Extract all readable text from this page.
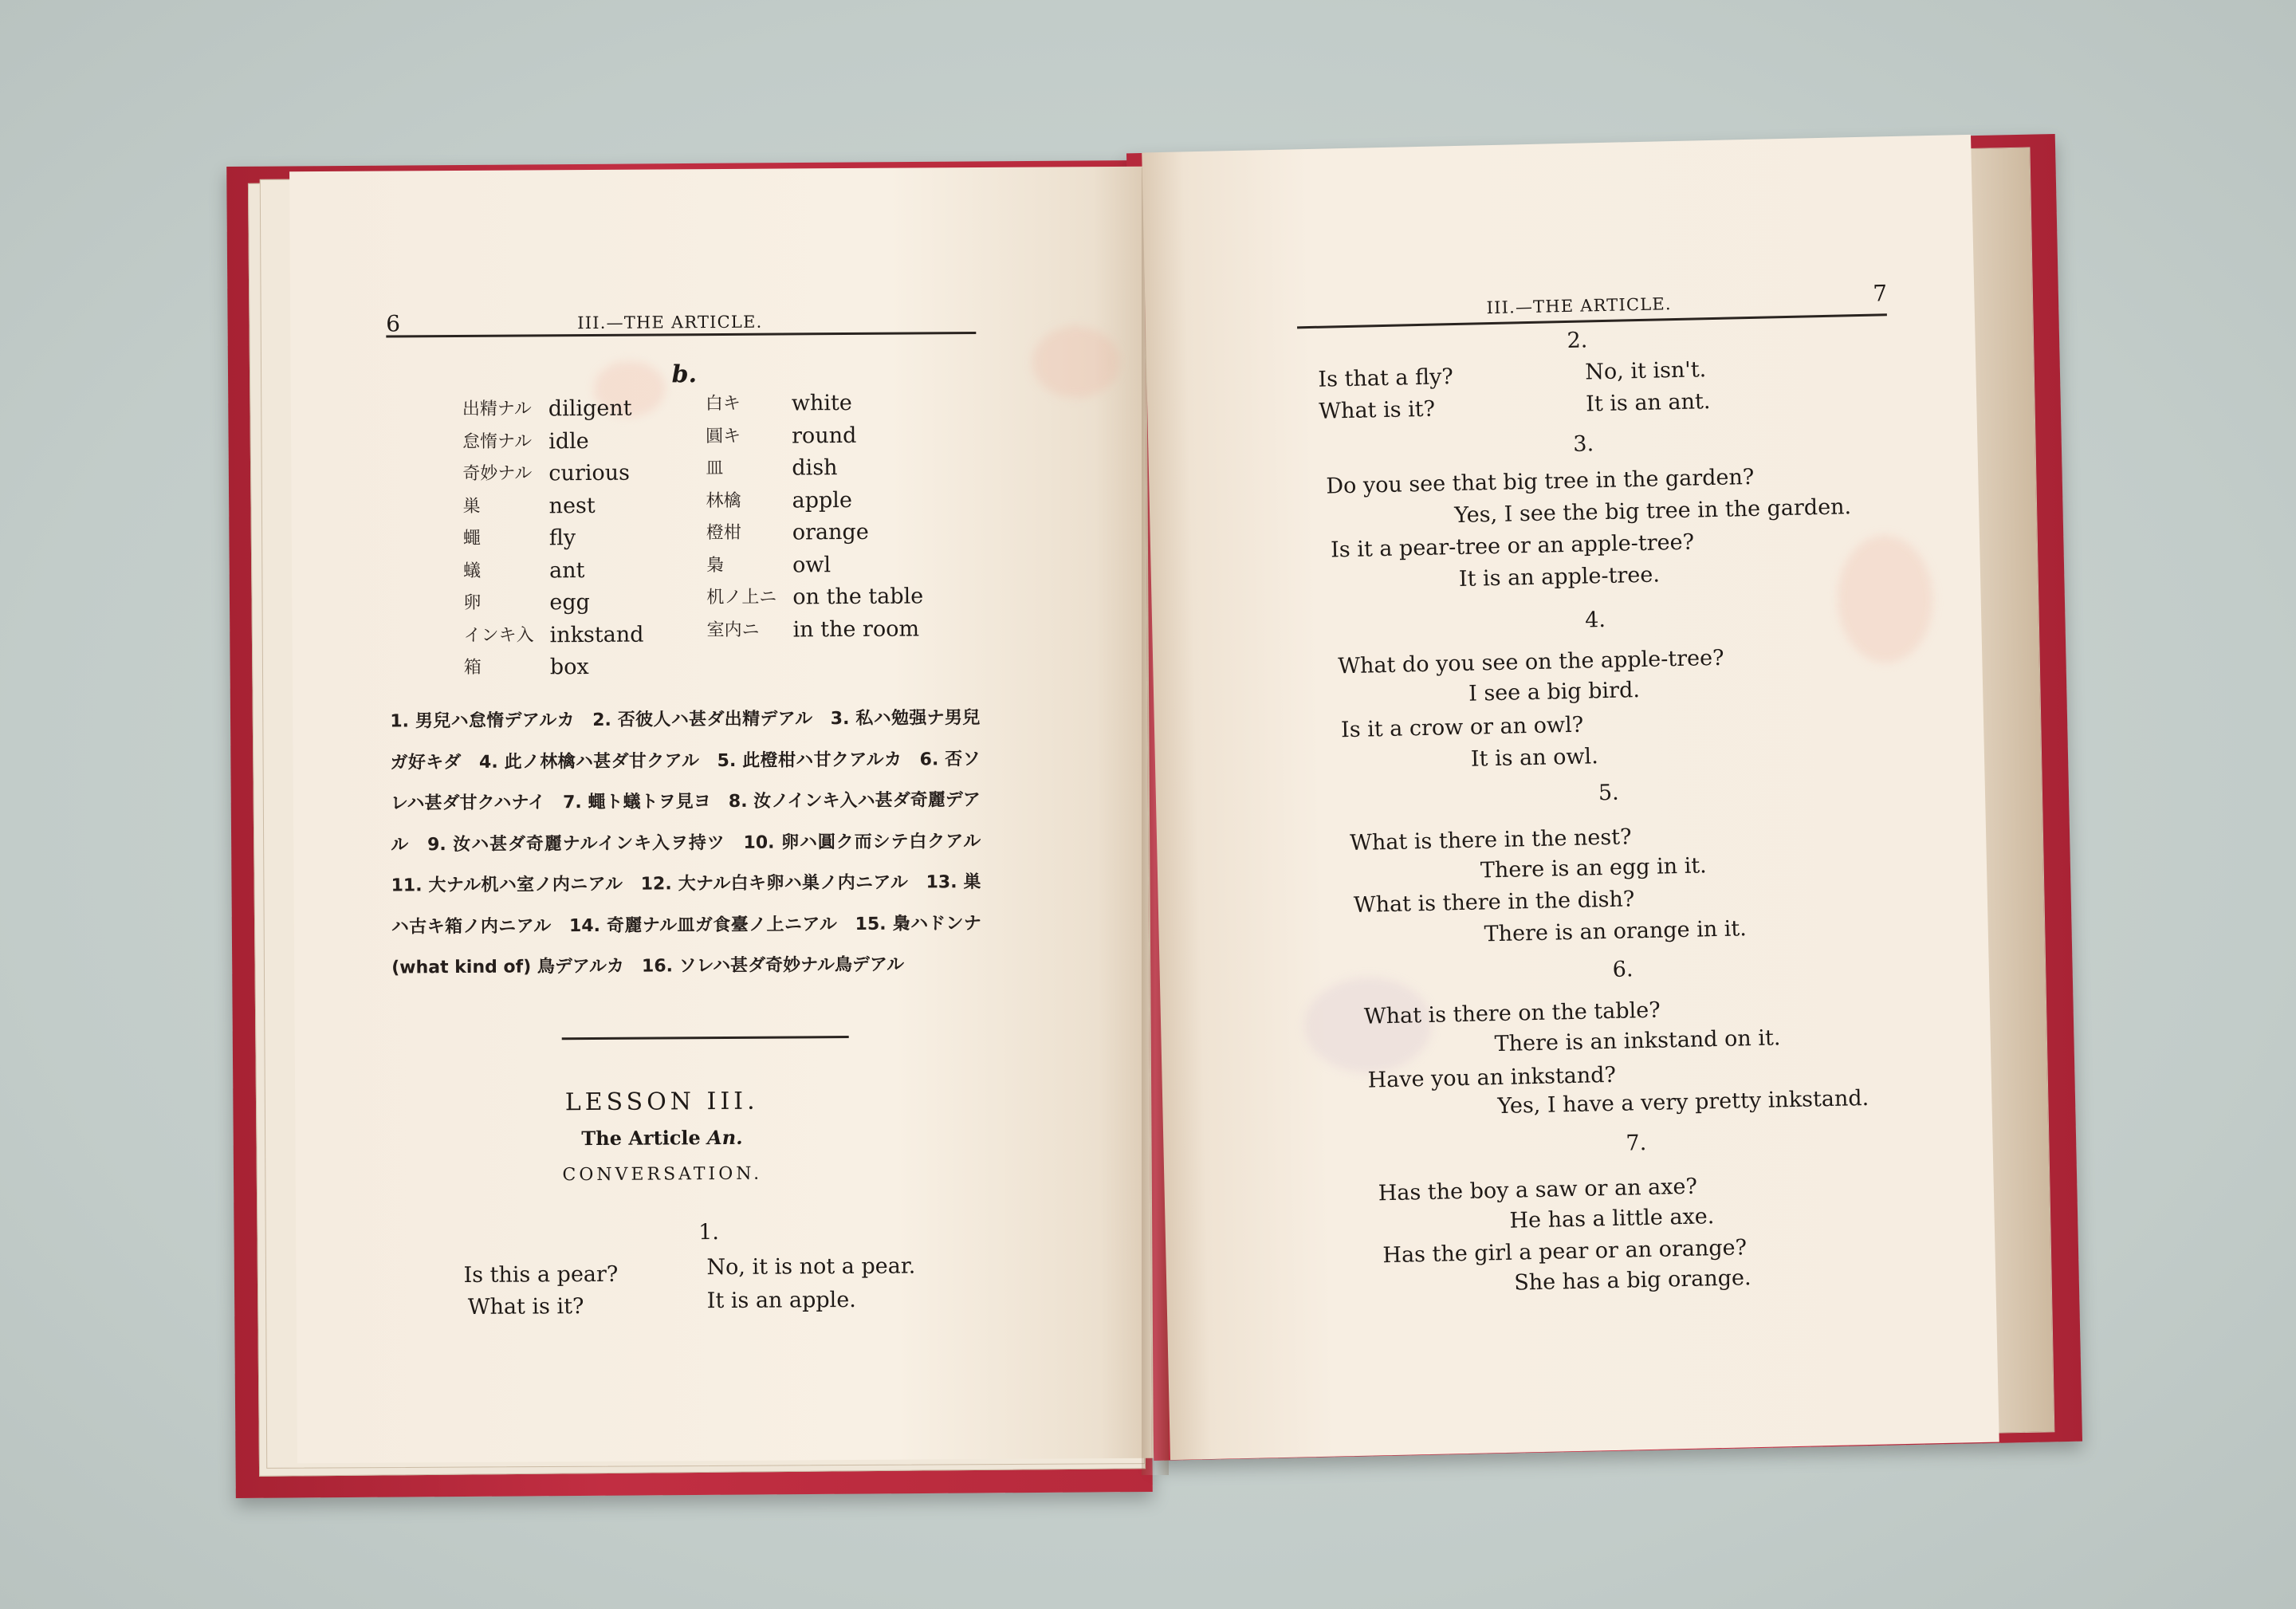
6	III.—THE ARTICLE.
b.
出精ナル diligent
怠惰ナル idle
奇妙ナル curious
巣	nest
蠅	fly
蟻	ant
卵	egg
インキ入 inkstand
箱	box
白キ	white
圓キ	round
皿	dish
林檎	apple
橙柑	orange
梟	owl
机ノ上ニ on the table
室内ニ	in the room
1. 男兒ハ怠惰デアルカ　2. 否彼人ハ甚ダ出精デアル　3. 私ハ勉强ナ男兒ガ好キダ　4. 此ノ林檎ハ甚ダ甘クアル　5. 此橙柑ハ甘クアルカ　6. 否ソレハ甚ダ甘クハナイ　7. 蠅ト蟻トヲ見ヨ　8. 汝ノインキ入ハ甚ダ奇麗デアル　9. 汝ハ甚ダ奇麗ナルインキ入ヲ持ツ　10. 卵ハ圓ク而シテ白クアル　11. 大ナル机ハ室ノ内ニアル　12. 大ナル白キ卵ハ巣ノ内ニアル　13. 巣ハ古キ箱ノ内ニアル　14. 奇麗ナル皿ガ食臺ノ上ニアル　15. 梟ハドンナ (what kind of) 鳥デアルカ　16. ソレハ甚ダ奇妙ナル鳥デアル
LESSON III.
The Article An.
CONVERSATION.
1.
Is this a pear?	No, it is not a pear.
What is it?	It is an apple.
III.—THE ARTICLE.	7
2.
Is that a fly?	No, it isn't.
What is it?	It is an ant.
3.
Do you see that big tree in the garden?
Yes, I see the big tree in the garden.
Is it a pear-tree or an apple-tree?
It is an apple-tree.
4.
What do you see on the apple-tree?
I see a big bird.
Is it a crow or an owl?
It is an owl.
5.
What is there in the nest?
There is an egg in it.
What is there in the dish?
There is an orange in it.
6.
What is there on the table?
There is an inkstand on it.
Have you an inkstand?
Yes, I have a very pretty inkstand.
7.
Has the boy a saw or an axe?
He has a little axe.
Has the girl a pear or an orange?
She has a big orange.
